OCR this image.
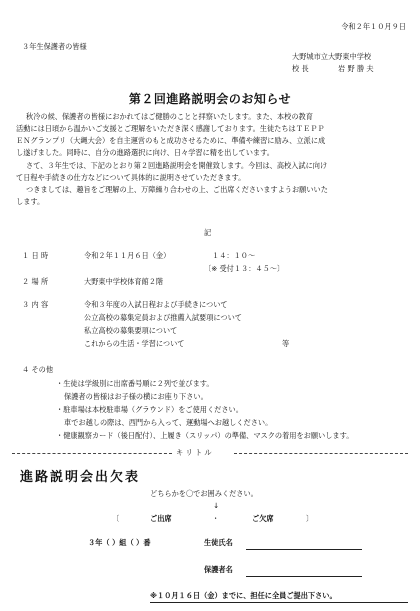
令和２年１０月９日
３年生保護者の皆様
大野城市立大野東中学校
校 長	岩 野 勝 夫
第２回進路説明会のお知らせ
秋冷の候、保護者の皆様におかれてはご健勝のことと拝察いたします。また、本校の教育
活動には日頃から温かいご支援とご理解をいただき深く感謝しております。生徒たちはＴＥＰＰ
ＥＮグランプリ（大縄大会）を自主運営のもと成功させるために、準備や練習に励み、立派に成
し遂げました。同時に、自分の進路選択に向け、日々学習に精を出しています。
さて、３年生では、下記のとおり第２回進路説明会を開催致します。今回は、高校入試に向け
て日程や手続きの仕方などについて具体的に説明させていただきます。
つきましては、趣旨をご理解の上、万障繰り合わせの上、ご出席くださいますようお願いいた
します。
記
１ 日 時	令和２年１１月６日（金）	１４：１０～
〔※ 受付１３：４５～〕
２ 場 所	大野東中学校体育館２階
３ 内 容	令和３年度の入試日程および手続きについて
公立高校の募集定員および推薦入試要項について
私立高校の募集要項について
これからの生活・学習について	等
４ その他
・生徒は学級別に出席番号順に２列で並びます。
保護者の皆様はお子様の横にお座り下さい。
・駐車場は本校駐車場（グラウンド）をご使用ください。
車でお越しの際は、西門から入って、運動場へお越しください。
・健康観察カード（後日配付）、上履き（スリッパ）の準備、マスクの着用をお願いします。
キ リ ト ル
進路説明会出欠表
どちらかを〇でお囲みください。
↓
〔	ご出席	・	ご欠席	〕
３年（ ）組（ ）番	生徒氏名
保護者名
※１０月１６日（金）までに、担任に全員ご提出下さい。
